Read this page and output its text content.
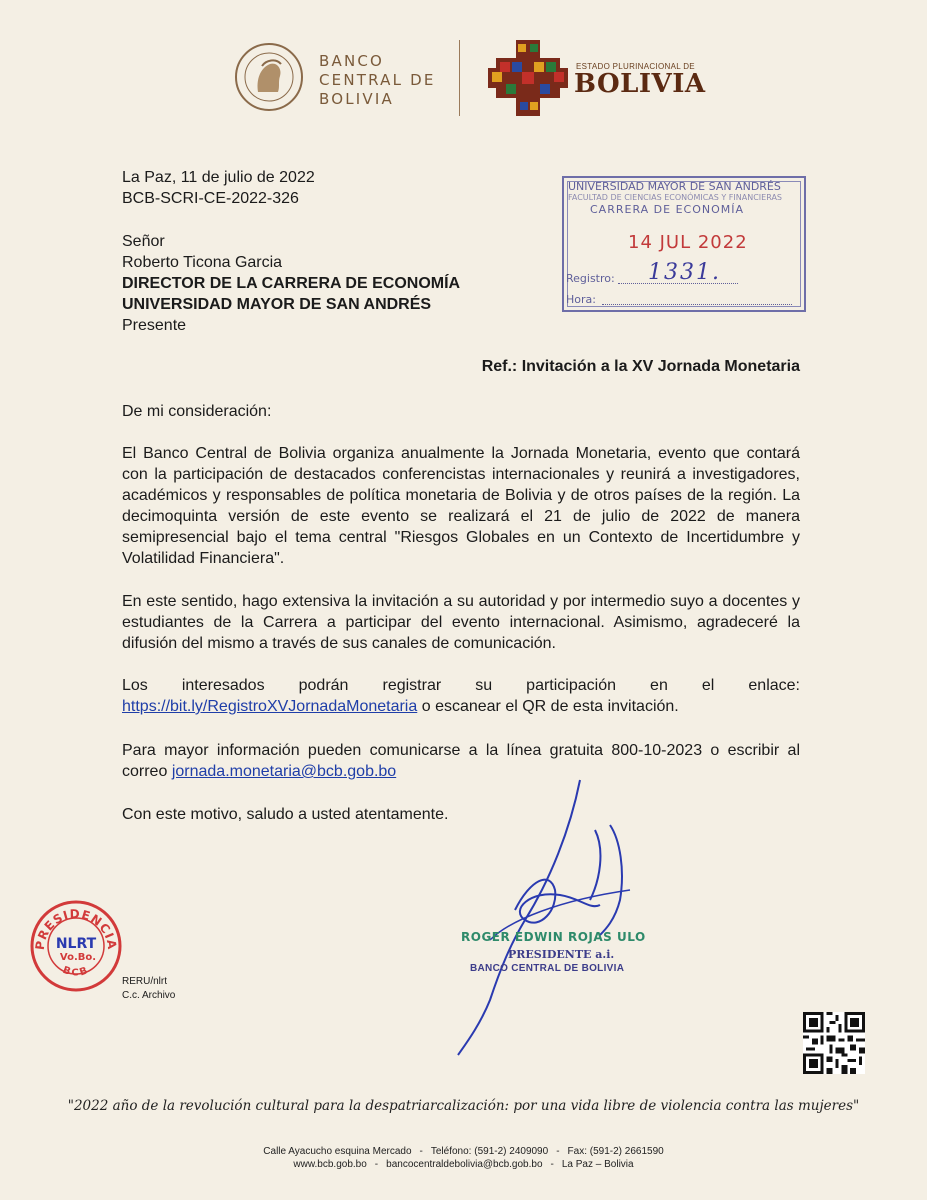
BANCO
CENTRAL DE
BOLIVIA
ESTADO PLURINACIONAL DE
BOLIVIA
UNIVERSIDAD MAYOR DE SAN ANDRÉS
FACULTAD DE CIENCIAS ECONÓMICAS Y FINANCIERAS
CARRERA DE ECONOMÍA
14 JUL 2022
Registro: 1331.
Hora:
La Paz, 11 de julio de 2022
BCB-SCRI-CE-2022-326
Señor
Roberto Ticona Garcia
DIRECTOR DE LA CARRERA DE ECONOMÍA
UNIVERSIDAD MAYOR DE SAN ANDRÉS
Presente
Ref.: Invitación a la XV Jornada Monetaria
De mi consideración:
El Banco Central de Bolivia organiza anualmente la Jornada Monetaria, evento que contará con la participación de destacados conferencistas internacionales y reunirá a investigadores, académicos y responsables de política monetaria de Bolivia y de otros países de la región. La decimoquinta versión de este evento se realizará el 21 de julio de 2022 de manera semipresencial bajo el tema central "Riesgos Globales en un Contexto de Incertidumbre y Volatilidad Financiera".
En este sentido, hago extensiva la invitación a su autoridad y por intermedio suyo a docentes y estudiantes de la Carrera a participar del evento internacional. Asimismo, agradeceré la difusión del mismo a través de sus canales de comunicación.
Los interesados podrán registrar su participación en el enlace: https://bit.ly/RegistroXVJornadaMonetaria o escanear el QR de esta invitación.
Para mayor información pueden comunicarse a la línea gratuita 800-10-2023 o escribir al correo jornada.monetaria@bcb.gob.bo
Con este motivo, saludo a usted atentamente.
ROGER EDWIN ROJAS ULO
PRESIDENTE a.i.
BANCO CENTRAL DE BOLIVIA
PRESIDENCIA
NLRT
Vo.Bo.
BCB
RERU/nlrt
C.c. Archivo
"2022 año de la revolución cultural para la despatriarcalización: por una vida libre de violencia contra las mujeres"
Calle Ayacucho esquina Mercado - Teléfono: (591-2) 2409090 - Fax: (591-2) 2661590
www.bcb.gob.bo - bancocentraldebolivia@bcb.gob.bo - La Paz – Bolivia
